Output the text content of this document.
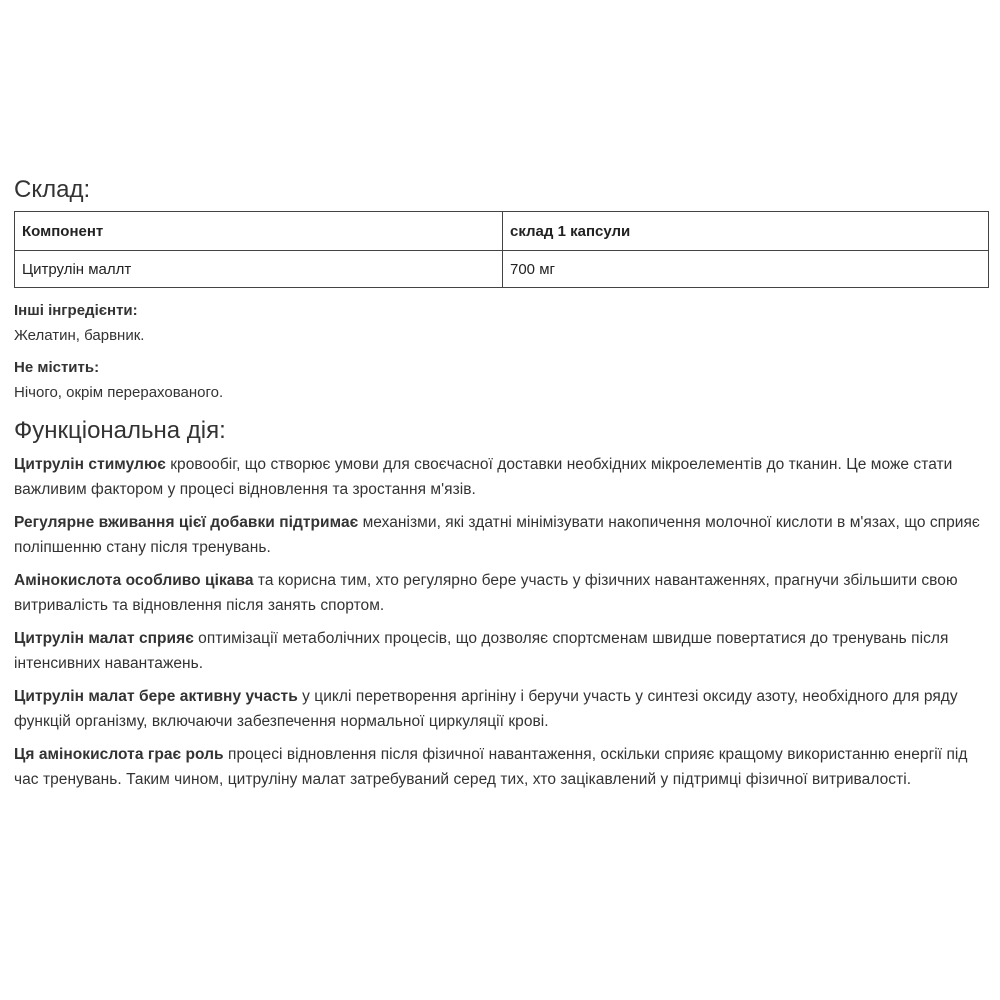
Склад:
Компонент	склад 1 капсули
Цитрулін маллт	700 мг
Інші інгредієнти:
Желатин, барвник.
Не містить:
Нічого, окрім перерахованого.
Функціональна дія:

Цитрулін стимулює кровообіг, що створює умови для своєчасної доставки необхідних мікроелементів до тканин. Це може стати важливим фактором у процесі відновлення та зростання м'язів.

Регулярне вживання цієї добавки підтримає механізми, які здатні мінімізувати накопичення молочної кислоти в м'язах, що сприяє поліпшенню стану після тренувань.

Амінокислота особливо цікава та корисна тим, хто регулярно бере участь у фізичних навантаженнях, прагнучи збільшити свою витривалість та відновлення після занять спортом.

Цитрулін малат сприяє оптимізації метаболічних процесів, що дозволяє спортсменам швидше повертатися до тренувань після інтенсивних навантажень.

Цитрулін малат бере активну участь у циклі перетворення аргініну і беручи участь у синтезі оксиду азоту, необхідного для ряду функцій організму, включаючи забезпечення нормальної циркуляції крові.

Ця амінокислота грає роль процесі відновлення після фізичної навантаження, оскільки сприяє кращому використанню енергії під час тренувань. Таким чином, цитруліну малат затребуваний серед тих, хто зацікавлений у підтримці фізичної витривалості.
